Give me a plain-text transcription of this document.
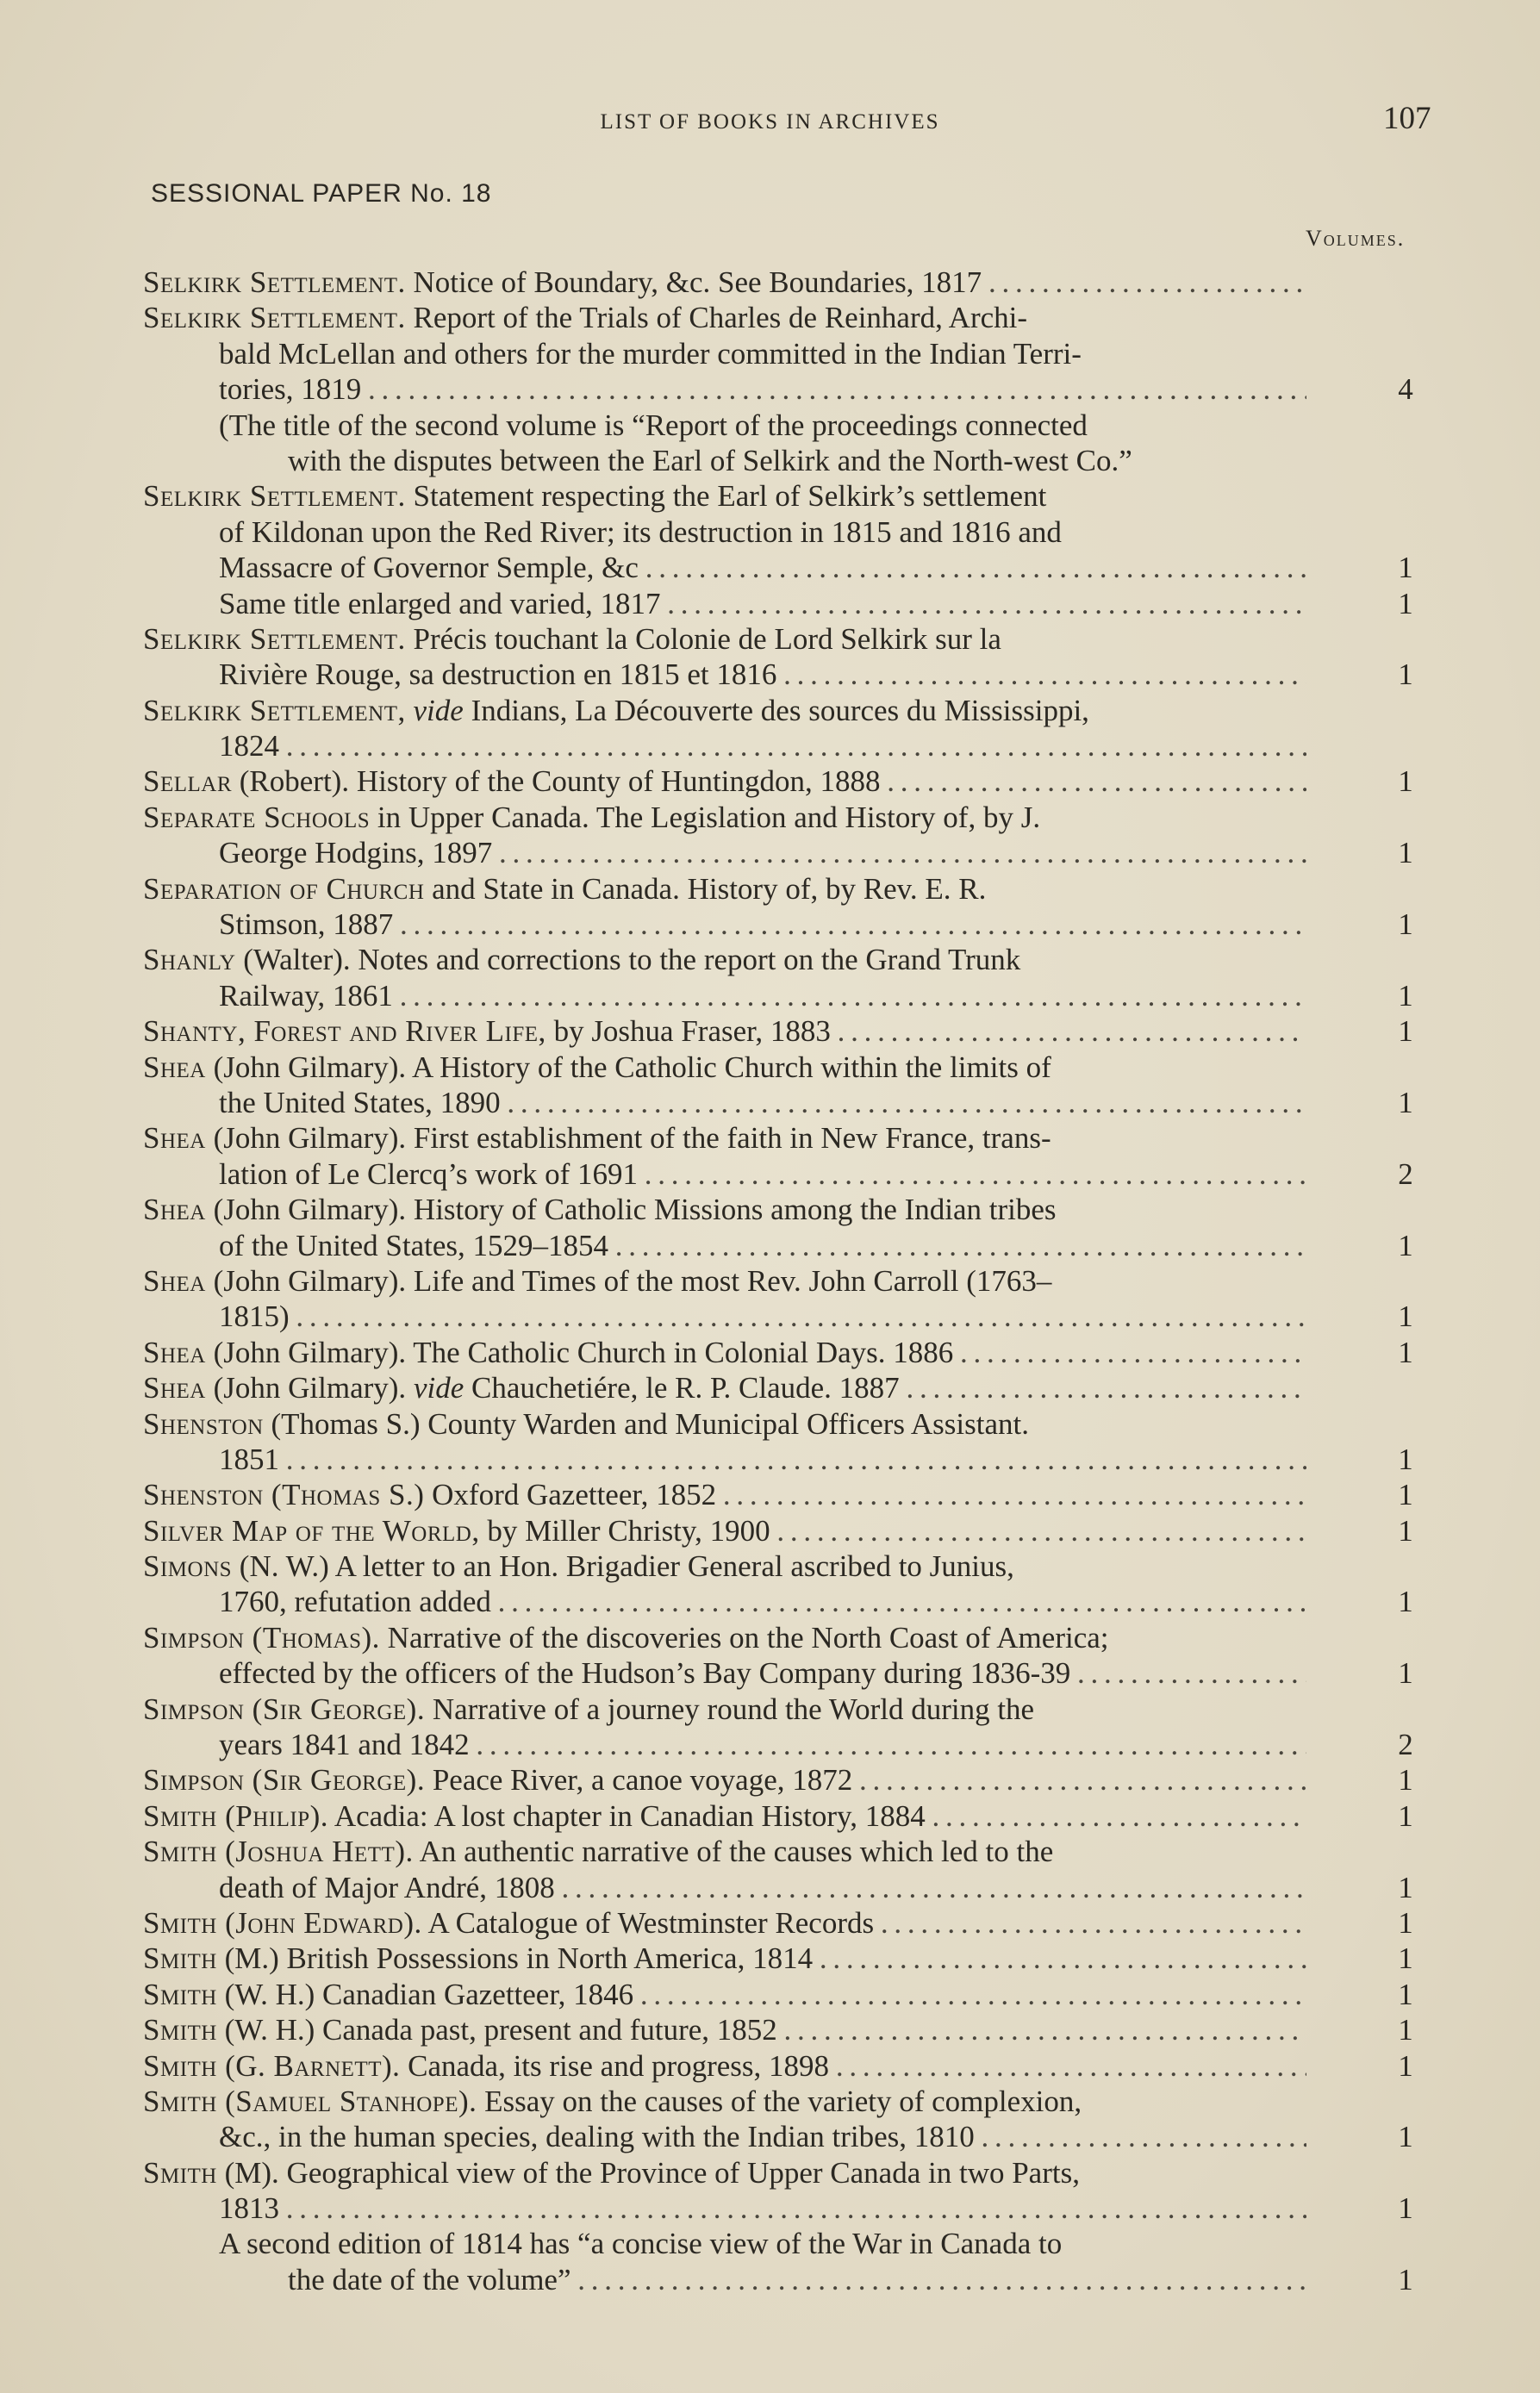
LIST OF BOOKS IN ARCHIVES	107
SESSIONAL PAPER No. 18
Volumes.
Selkirk Settlement. Notice of Boundary, &c. See Boundaries, 1817 . . .
Selkirk Settlement. Report of the Trials of Charles de Reinhard, Archi-
bald McLellan and others for the murder committed in the Indian Terri-
tories, 1819 . . .	4
(The title of the second volume is “Report of the proceedings connected
with the disputes between the Earl of Selkirk and the North-west Co.”
Selkirk Settlement. Statement respecting the Earl of Selkirk’s settlement
of Kildonan upon the Red River; its destruction in 1815 and 1816 and
Massacre of Governor Semple, &c . . .	1
Same title enlarged and varied, 1817 . . .	1
Selkirk Settlement. Précis touchant la Colonie de Lord Selkirk sur la
Rivière Rouge, sa destruction en 1815 et 1816 . . .	1
Selkirk Settlement, vide Indians, La Découverte des sources du Mississippi,
1824 . . .
Sellar (Robert). History of the County of Huntingdon, 1888 . . .	1
Separate Schools in Upper Canada. The Legislation and History of, by J.
George Hodgins, 1897 . . .	1
Separation of Church and State in Canada. History of, by Rev. E. R.
Stimson, 1887 . . .	1
Shanly (Walter). Notes and corrections to the report on the Grand Trunk
Railway, 1861 . . .	1
Shanty, Forest and River Life, by Joshua Fraser, 1883 . . .	1
Shea (John Gilmary). A History of the Catholic Church within the limits of
the United States, 1890 . . .	1
Shea (John Gilmary). First establishment of the faith in New France, trans-
lation of Le Clercq’s work of 1691 . . .	2
Shea (John Gilmary). History of Catholic Missions among the Indian tribes
of the United States, 1529–1854 . . .	1
Shea (John Gilmary). Life and Times of the most Rev. John Carroll (1763–
1815) . . .	1
Shea (John Gilmary). The Catholic Church in Colonial Days. 1886 . . .	1
Shea (John Gilmary). vide Chauchetiére, le R. P. Claude. 1887 . . .
Shenston (Thomas S.) County Warden and Municipal Officers Assistant.
1851 . . .	1
Shenston (Thomas S.) Oxford Gazetteer, 1852 . . .	1
Silver Map of the World, by Miller Christy, 1900 . . .	1
Simons (N. W.) A letter to an Hon. Brigadier General ascribed to Junius,
1760, refutation added . . .	1
Simpson (Thomas). Narrative of the discoveries on the North Coast of America;
effected by the officers of the Hudson’s Bay Company during 1836-39 . . .	1
Simpson (Sir George). Narrative of a journey round the World during the
years 1841 and 1842 . . .	2
Simpson (Sir George). Peace River, a canoe voyage, 1872 . . .	1
Smith (Philip). Acadia: A lost chapter in Canadian History, 1884 . . .	1
Smith (Joshua Hett). An authentic narrative of the causes which led to the
death of Major André, 1808 . . .	1
Smith (John Edward). A Catalogue of Westminster Records . . .	1
Smith (M.) British Possessions in North America, 1814 . . .	1
Smith (W. H.) Canadian Gazetteer, 1846 . . .	1
Smith (W. H.) Canada past, present and future, 1852 . . .	1
Smith (G. Barnett). Canada, its rise and progress, 1898 . . .	1
Smith (Samuel Stanhope). Essay on the causes of the variety of complexion,
&c., in the human species, dealing with the Indian tribes, 1810 . . .	1
Smith (M). Geographical view of the Province of Upper Canada in two Parts,
1813 . . .	1
A second edition of 1814 has “a concise view of the War in Canada to
the date of the volume” . . .	1
